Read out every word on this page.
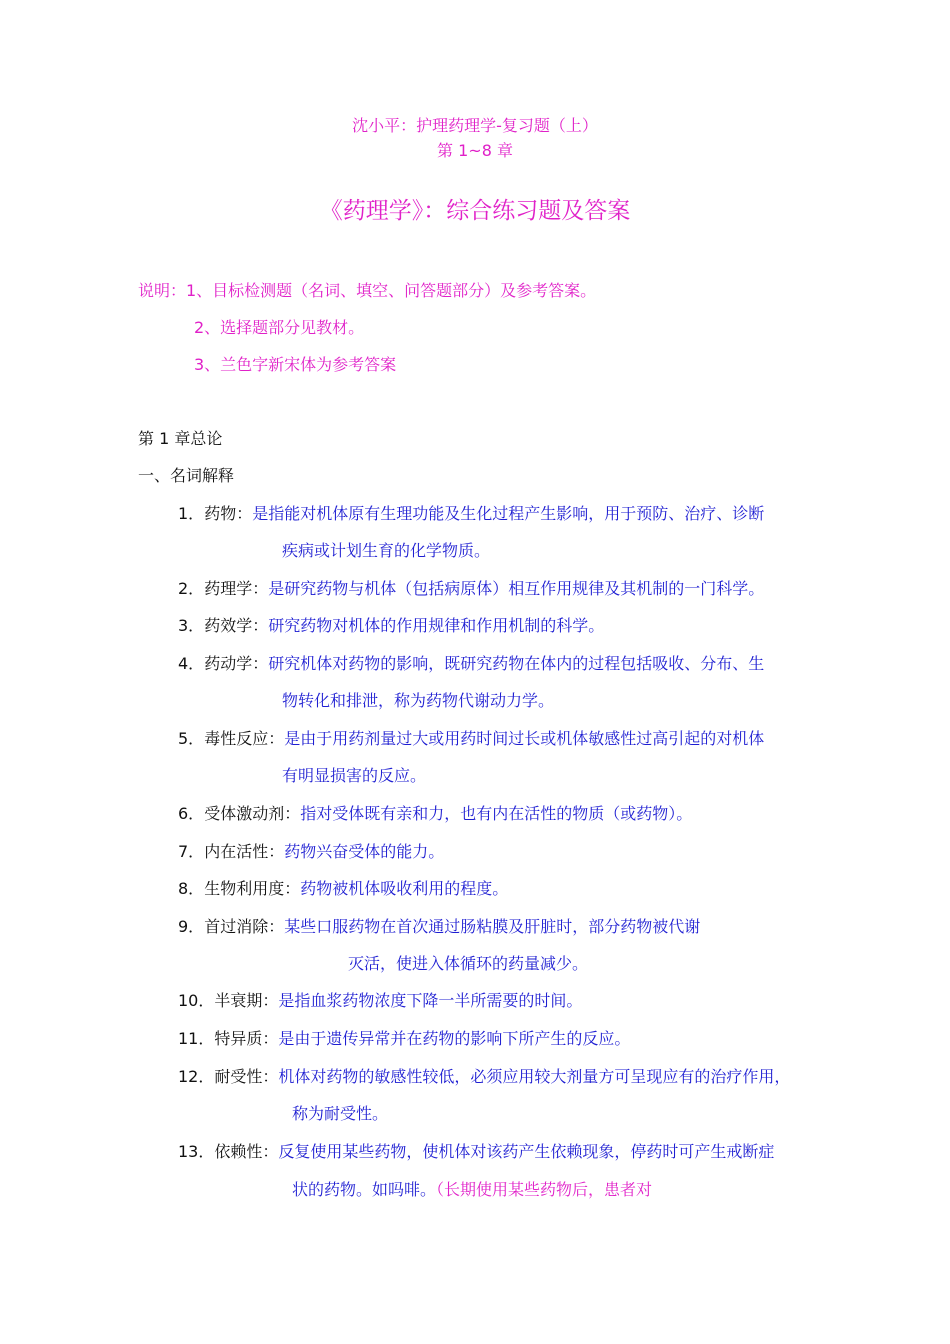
沈小平：护理药理学-复习题（上）
第 1~8 章
《药理学》：综合练习题及答案
说明：1、目标检测题（名词、填空、问答题部分）及参考答案。
2、选择题部分见教材。
3、兰色字新宋体为参考答案
第 1 章总论
一、名词解释
1．药物：是指能对机体原有生理功能及生化过程产生影响，用于预防、治疗、诊断
疾病或计划生育的化学物质。
2．药理学：是研究药物与机体（包括病原体）相互作用规律及其机制的一门科学。
3．药效学：研究药物对机体的作用规律和作用机制的科学。
4．药动学：研究机体对药物的影响，既研究药物在体内的过程包括吸收、分布、生
物转化和排泄，称为药物代谢动力学。
5．毒性反应：是由于用药剂量过大或用药时间过长或机体敏感性过高引起的对机体
有明显损害的反应。
6．受体激动剂：指对受体既有亲和力，也有内在活性的物质（或药物）。
7．内在活性：药物兴奋受体的能力。
8．生物利用度：药物被机体吸收利用的程度。
9．首过消除：某些口服药物在首次通过肠粘膜及肝脏时，部分药物被代谢
灭活，使进入体循环的药量减少。
10．半衰期：是指血浆药物浓度下降一半所需要的时间。
11．特异质：是由于遗传异常并在药物的影响下所产生的反应。
12．耐受性：机体对药物的敏感性较低，必须应用较大剂量方可呈现应有的治疗作用，
称为耐受性。
13．依赖性：反复使用某些药物，使机体对该药产生依赖现象，停药时可产生戒断症
状的药物。如吗啡。（长期使用某些药物后，患者对
